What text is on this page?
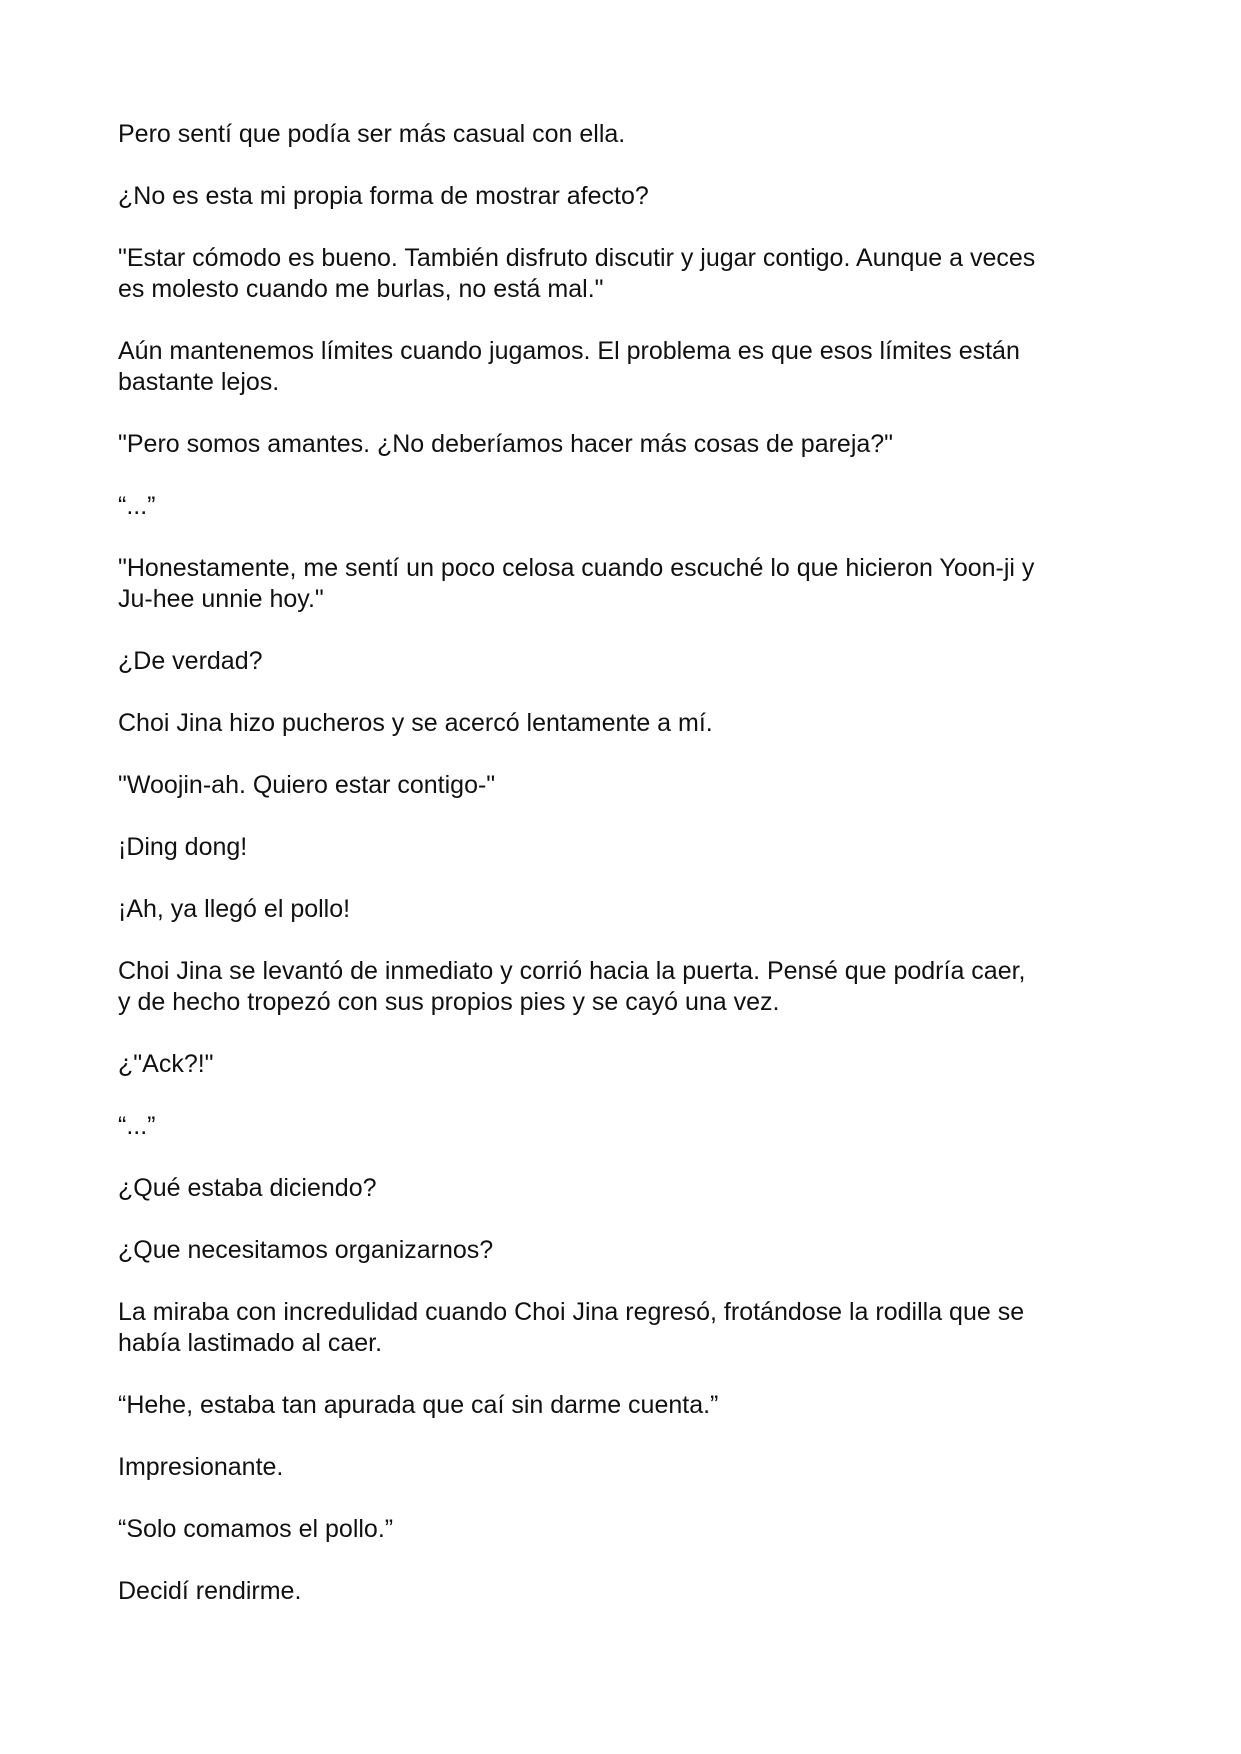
Pero sentí que podía ser más casual con ella.

¿No es esta mi propia forma de mostrar afecto?

"Estar cómodo es bueno. También disfruto discutir y jugar contigo. Aunque a veces
es molesto cuando me burlas, no está mal."

Aún mantenemos límites cuando jugamos. El problema es que esos límites están
bastante lejos.

"Pero somos amantes. ¿No deberíamos hacer más cosas de pareja?"

“...”

"Honestamente, me sentí un poco celosa cuando escuché lo que hicieron Yoon-ji y
Ju-hee unnie hoy."

¿De verdad?

Choi Jina hizo pucheros y se acercó lentamente a mí.

"Woojin-ah. Quiero estar contigo-"

¡Ding dong!

¡Ah, ya llegó el pollo!

Choi Jina se levantó de inmediato y corrió hacia la puerta. Pensé que podría caer,
y de hecho tropezó con sus propios pies y se cayó una vez.

¿"Ack?!"

“...”

¿Qué estaba diciendo?

¿Que necesitamos organizarnos?

La miraba con incredulidad cuando Choi Jina regresó, frotándose la rodilla que se
había lastimado al caer.

“Hehe, estaba tan apurada que caí sin darme cuenta.”

Impresionante.

“Solo comamos el pollo.”

Decidí rendirme.
